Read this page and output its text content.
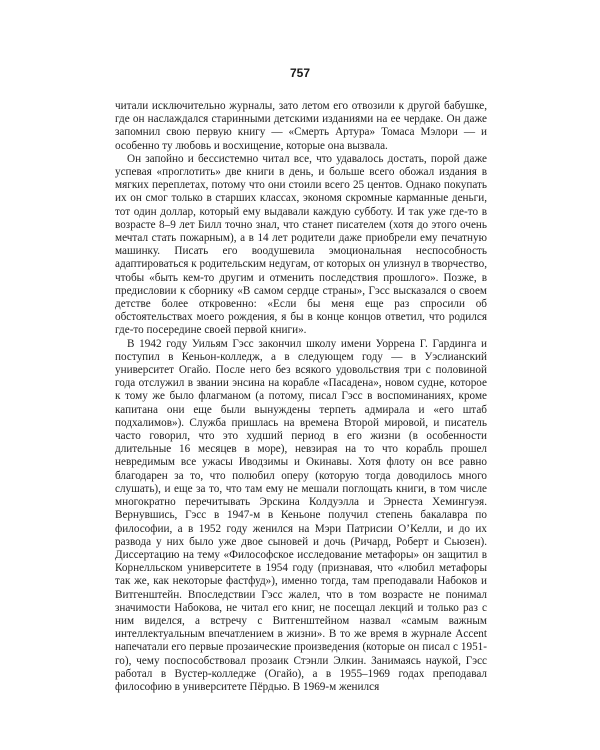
757

читали исключительно журналы, зато летом его отвозили к другой бабушке, где он наслаждался старинными детскими изданиями на ее чердаке. Он даже запомнил свою первую книгу — «Смерть Артура» Томаса Мэлори — и особенно ту любовь и восхищение, которые она вызвала.

Он запойно и бессистемно читал все, что удавалось достать, порой даже успевая «проглотить» две книги в день, и больше всего обожал издания в мягких переплетах, потому что они стоили всего 25 центов. Однако покупать их он смог только в старших классах, экономя скромные карманные деньги, тот один доллар, который ему выдавали каждую субботу. И так уже где-то в возрасте 8–9 лет Билл точно знал, что станет писателем (хотя до этого очень мечтал стать пожарным), а в 14 лет родители даже приобрели ему печатную машинку. Писать его воодушевила эмоциональная неспособность адаптироваться к родительским недугам, от которых он улизнул в творчество, чтобы «быть кем-то другим и отменить последствия прошлого». Позже, в предисловии к сборнику «В самом сердце страны», Гэсс высказался о своем детстве более откровенно: «Если бы меня еще раз спросили об обстоятельствах моего рождения, я бы в конце концов ответил, что родился где-то посередине своей первой книги».

В 1942 году Уильям Гэсс закончил школу имени Уорренa Г. Гардинга и поступил в Кеньон-колледж, а в следующем году — в Уэслианский университет Огайо. После него без всякого удовольствия три с половиной года отслужил в звании энсина на корабле «Пасадена», новом судне, которое к тому же было флагманом (а потому, писал Гэсс в воспоминаниях, кроме капитана они еще были вынуждены терпеть адмирала и «его штаб подхалимов»). Служба пришлась на времена Второй мировой, и писатель часто говорил, что это худший период в его жизни (в особенности длительные 16 месяцев в море), невзирая на то что корабль прошел невредимым все ужасы Иводзимы и Окинавы. Хотя флоту он все равно благодарен за то, что полюбил оперу (которую тогда доводилось много слушать), и еще за то, что там ему не мешали поглощать книги, в том числе многократно перечитывать Эрскина Колдуэлла и Эрнеста Хемингуэя. Вернувшись, Гэсс в 1947-м в Кеньоне получил степень бакалавра по философии, а в 1952 году женился на Мэри Патрисии О’Келли, и до их развода у них было уже двое сыновей и дочь (Ричард, Роберт и Сьюзен). Диссертацию на тему «Философское исследование метафоры» он защитил в Корнелльском университете в 1954 году (признавая, что «любил метафоры так же, как некоторые фастфуд»), именно тогда, там преподавали Набоков и Витгенштейн. Впоследствии Гэсс жалел, что в том возрасте не понимал значимости Набокова, не читал его книг, не посещал лекций и только раз с ним виделся, а встречу с Витгенштейном назвал «самым важным интеллектуальным впечатлением в жизни». В то же время в журнале Accent напечатали его первые прозаические произведения (которые он писал с 1951-го), чему поспособствовал прозаик Стэнли Элкин. Занимаясь наукой, Гэсс работал в Вустер-колледже (Огайо), а в 1955–1969 годах преподавал философию в университете Пёрдью. В 1969-м женился
